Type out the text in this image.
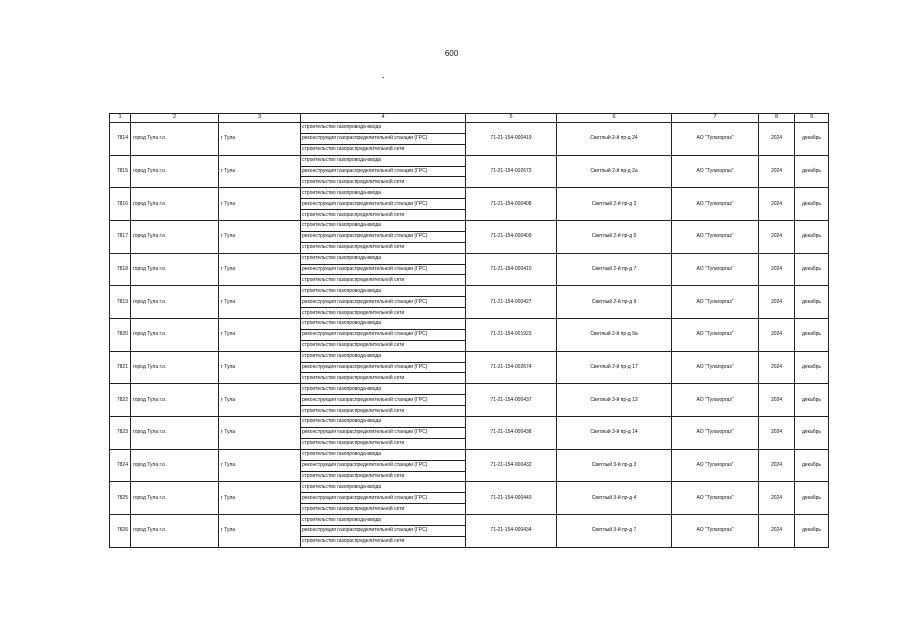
600
1	2	3	4	5	6	7	8	9
7814	город Тула г.о.	г Тула	строительство газопровода-ввода	71-21-154-000419	Светлый 2-й пр-д 24	АО "Тулагоргаз"	2024	декабрь
			реконструкция газораспределительной станции (ГРС)					
			строительство газораспределительной сети					
7815	город Тула г.о.	г Тула	строительство газопровода-ввода	71-21-154-002673	Светлый 2-й пр-д 2а	АО "Тулагоргаз"	2024	декабрь
			реконструкция газораспределительной станции (ГРС)					
			строительство газораспределительной сети					
7816	город Тула г.о.	г Тула	строительство газопровода-ввода	71-21-154-000408	Светлый 2-й пр-д 3	АО "Тулагоргаз"	2024	декабрь
			реконструкция газораспределительной станции (ГРС)					
			строительство газораспределительной сети					
7817	город Тула г.о.	г Тула	строительство газопровода-ввода	71-21-154-000409	Светлый 2-й пр-д 5	АО "Тулагоргаз"	2024	декабрь
			реконструкция газораспределительной станции (ГРС)					
			строительство газораспределительной сети					
7818	город Тула г.о.	г Тула	строительство газопровода-ввода	71-21-154-000410	Светлый 2-й пр-д 7	АО "Тулагоргаз"	2024	декабрь
			реконструкция газораспределительной станции (ГРС)					
			строительство газораспределительной сети					
7819	город Тула г.о.	г Тула	строительство газопровода-ввода	71-21-154-000427	Светлый 2-й пр-д 9	АО "Тулагоргаз"	2024	декабрь
			реконструкция газораспределительной станции (ГРС)					
			строительство газораспределительной сети					
7820	город Тула г.о.	г Тула	строительство газопровода-ввода	71-21-154-001923	Светлый 2-й пр-д 9а	АО "Тулагоргаз"	2024	декабрь
			реконструкция газораспределительной станции (ГРС)					
			строительство газораспределительной сети					
7821	город Тула г.о.	г Тула	строительство газопровода-ввода	71-21-154-002674	Светлый 2-й пр-д 17	АО "Тулагоргаз"	2024	декабрь
			реконструкция газораспределительной станции (ГРС)					
			строительство газораспределительной сети					
7822	город Тула г.о.	г Тула	строительство газопровода-ввода	71-21-154-000437	Светлый 3-й пр-д 13	АО "Тулагоргаз"	2024	декабрь
			реконструкция газораспределительной станции (ГРС)					
			строительство газораспределительной сети					
7823	город Тула г.о.	г Тула	строительство газопровода-ввода	71-21-154-000438	Светлый 3-й пр-д 14	АО "Тулагоргаз"	2024	декабрь
			реконструкция газораспределительной станции (ГРС)					
			строительство газораспределительной сети					
7824	город Тула г.о.	г Тула	строительство газопровода-ввода	71-21-154-000432	Светлый 3-й пр-д 3	АО "Тулагоргаз"	2024	декабрь
			реконструкция газораспределительной станции (ГРС)					
			строительство газораспределительной сети					
7825	город Тула г.о.	г Тула	строительство газопровода-ввода	71-21-154-000443	Светлый 3-й пр-д 4	АО "Тулагоргаз"	2024	декабрь
			реконструкция газораспределительной станции (ГРС)					
			строительство газораспределительной сети					
7826	город Тула г.о.	г Тула	строительство газопровода-ввода	71-21-154-000434	Светлый 3-й пр-д 7	АО "Тулагоргаз"	2024	декабрь
			реконструкция газораспределительной станции (ГРС)					
			строительство газораспределительной сети					
